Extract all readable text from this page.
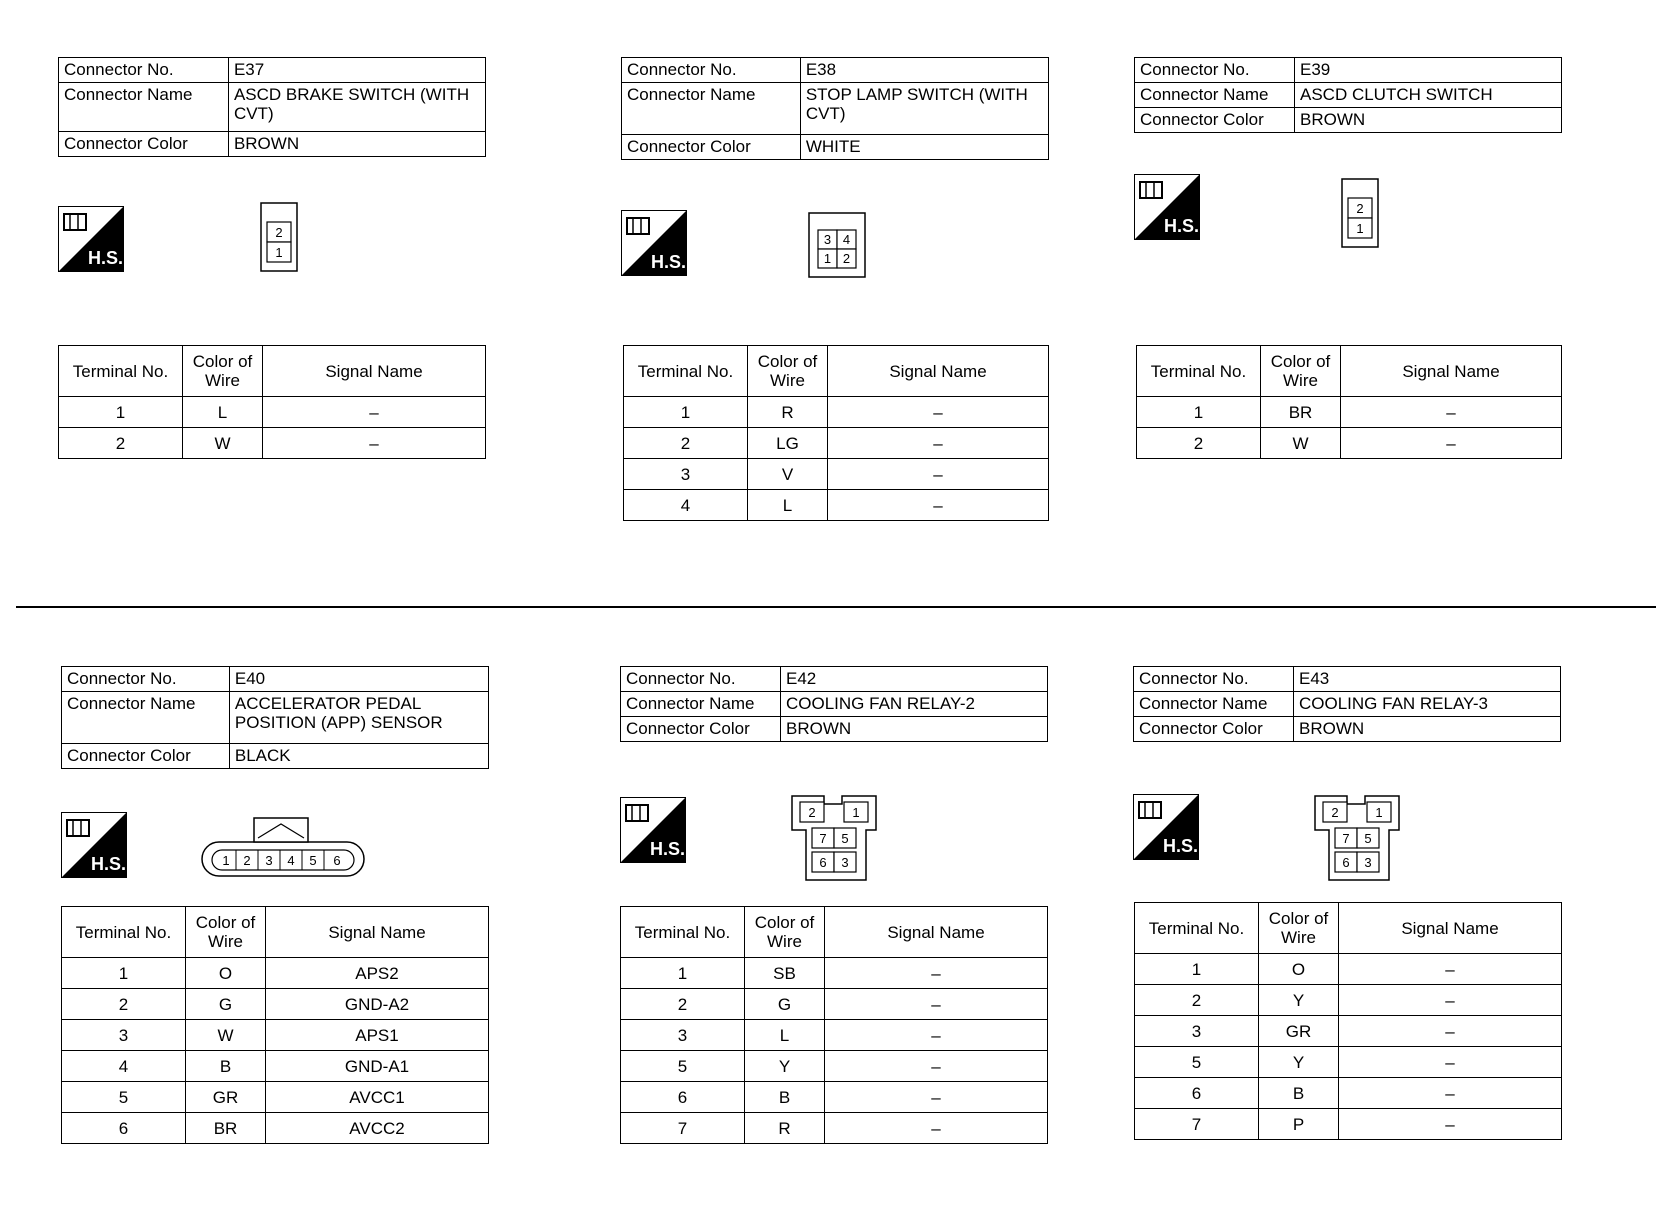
Connector No.	E37
Connector Name	ASCD BRAKE SWITCH (WITH CVT)
Connector Color	BROWN
H.S.
2
1
Terminal No.	Color of Wire	Signal Name
1	L	–
2	W	–
Connector No.	E38
Connector Name	STOP LAMP SWITCH (WITH CVT)
Connector Color	WHITE
H.S.
3 4
1 2
Terminal No.	Color of Wire	Signal Name
1	R	–
2	LG	–
3	V	–
4	L	–
Connector No.	E39
Connector Name	ASCD CLUTCH SWITCH
Connector Color	BROWN
H.S.
2
1
Terminal No.	Color of Wire	Signal Name
1	BR	–
2	W	–
Connector No.	E40
Connector Name	ACCELERATOR PEDAL POSITION (APP) SENSOR
Connector Color	BLACK
H.S.	1 2 3 4 5 6
Terminal No.	Color of Wire	Signal Name
1	O	APS2
2	G	GND-A2
3	W	APS1
4	B	GND-A1
5	GR	AVCC1
6	BR	AVCC2
Connector No.	E42
Connector Name	COOLING FAN RELAY-2
Connector Color	BROWN
H.S.
2	1
7 5
6 3
Terminal No.	Color of Wire	Signal Name
1	SB	–
2	G	–
3	L	–
5	Y	–
6	B	–
7	R	–
Connector No.	E43
Connector Name	COOLING FAN RELAY-3
Connector Color	BROWN
H.S.
2	1
7 5
6 3
Terminal No.	Color of Wire	Signal Name
1	O	–
2	Y	–
3	GR	–
5	Y	–
6	B	–
7	P	–
